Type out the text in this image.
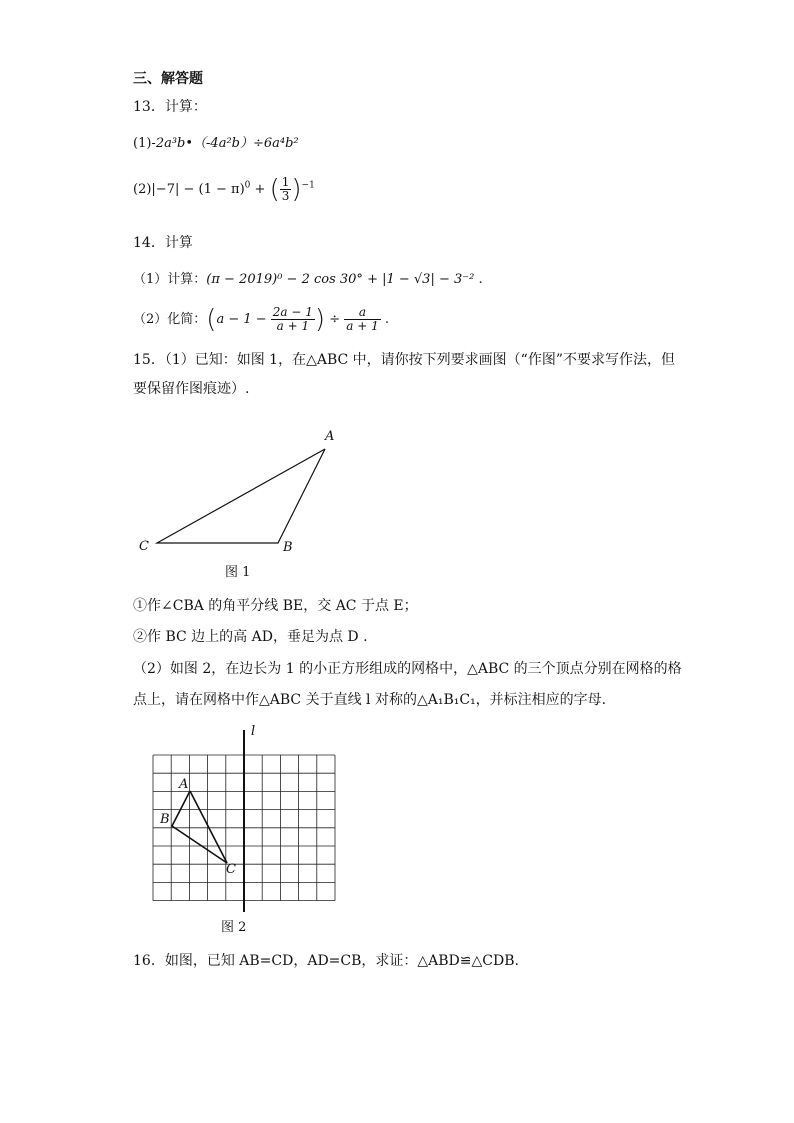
三、解答题
13．计算：
(1)-2a³b•（-4a²b）÷6a⁴b²
$(2)|-7| - (1 - \pi)^0$ + ( $\frac{1}{3} )^{-1}$
14．计算
（1）计算：(π − 2019)⁰ − 2 cos 30° + |1 − √3| − 3⁻² .
（2）化简：($a - 1 - \frac{2a - 1}{a + 1}$ ) ÷ $\frac{a}{a + 1}$ .
15．（1）已知：如图 1，在△ABC 中，请你按下列要求画图（“作图”不要求写作法，但
要保留作图痕迹）.
A
B
C
图 1
①作∠CBA 的角平分线 BE，交 AC 于点 E；
②作 BC 边上的高 AD，垂足为点 D .
（2）如图 2，在边长为 1 的小正方形组成的网格中，△ABC 的三个顶点分别在网格的格
点上，请在网格中作△ABC 关于直线 l 对称的△A₁B₁C₁，并标注相应的字母.
l
A
B
C
图 2
16．如图，已知 AB=CD，AD=CB，求证：△ABD≌△CDB.
